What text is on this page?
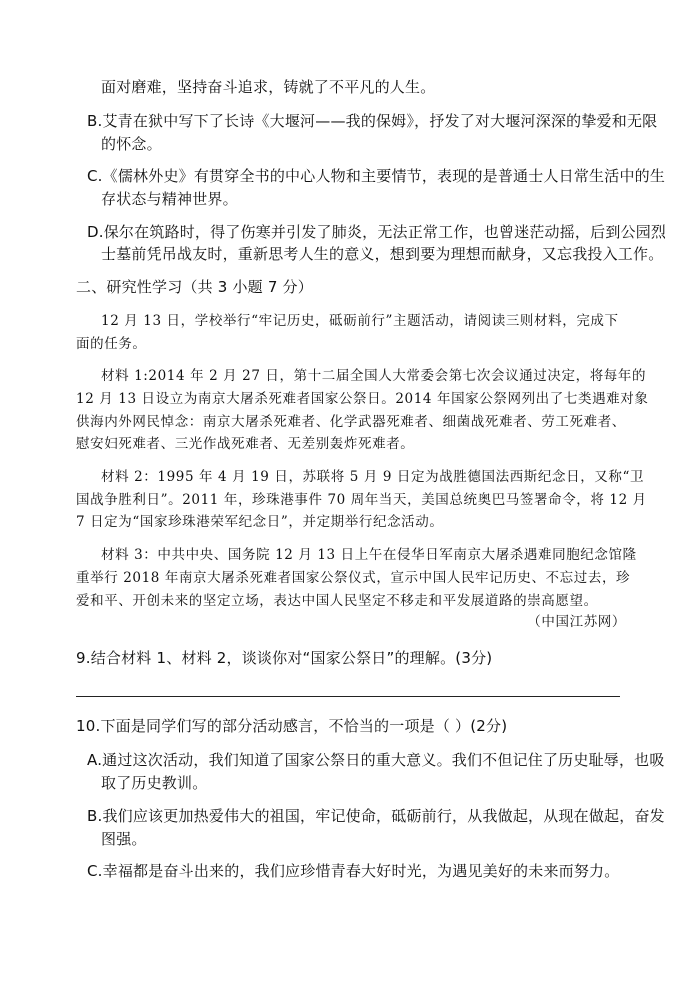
面对磨难，坚持奋斗追求，铸就了不平凡的人生。
B.艾青在狱中写下了长诗《大堰河——我的保姆》，抒发了对大堰河深深的挚爱和无限
的怀念。
C.《儒林外史》有贯穿全书的中心人物和主要情节，表现的是普通士人日常生活中的生
存状态与精神世界。
D.保尔在筑路时，得了伤寒并引发了肺炎，无法正常工作，也曾迷茫动摇，后到公园烈
士墓前凭吊战友时，重新思考人生的意义，想到要为理想而献身，又忘我投入工作。
二、研究性学习（共 3 小题 7 分）
12 月 13 日，学校举行“牢记历史，砥砺前行”主题活动，请阅读三则材料，完成下
面的任务。
材料 1:2014 年 2 月 27 日，第十二届全国人大常委会第七次会议通过决定，将每年的
12 月 13 日设立为南京大屠杀死难者国家公祭日。2014 年国家公祭网列出了七类遇难对象
供海内外网民悼念：南京大屠杀死难者、化学武器死难者、细菌战死难者、劳工死难者、
慰安妇死难者、三光作战死难者、无差别轰炸死难者。
材料 2：1995 年 4 月 19 日，苏联将 5 月 9 日定为战胜德国法西斯纪念日，又称“卫
国战争胜利日”。2011 年，珍珠港事件 70 周年当天，美国总统奥巴马签署命令，将 12 月
7 日定为“国家珍珠港荣军纪念日”，并定期举行纪念活动。
材料 3：中共中央、国务院 12 月 13 日上午在侵华日军南京大屠杀遇难同胞纪念馆隆
重举行 2018 年南京大屠杀死难者国家公祭仪式，宣示中国人民牢记历史、不忘过去，珍
爱和平、开创未来的坚定立场，表达中国人民坚定不移走和平发展道路的崇高愿望。
（中国江苏网）
9.结合材料 1、材料 2，谈谈你对“国家公祭日”的理解。(3分)
10.下面是同学们写的部分活动感言，不恰当的一项是（ ）(2分)
A.通过这次活动，我们知道了国家公祭日的重大意义。我们不但记住了历史耻辱，也吸
取了历史教训。
B.我们应该更加热爱伟大的祖国，牢记使命，砥砺前行，从我做起，从现在做起，奋发
图强。
C.幸福都是奋斗出来的，我们应珍惜青春大好时光，为遇见美好的未来而努力。
